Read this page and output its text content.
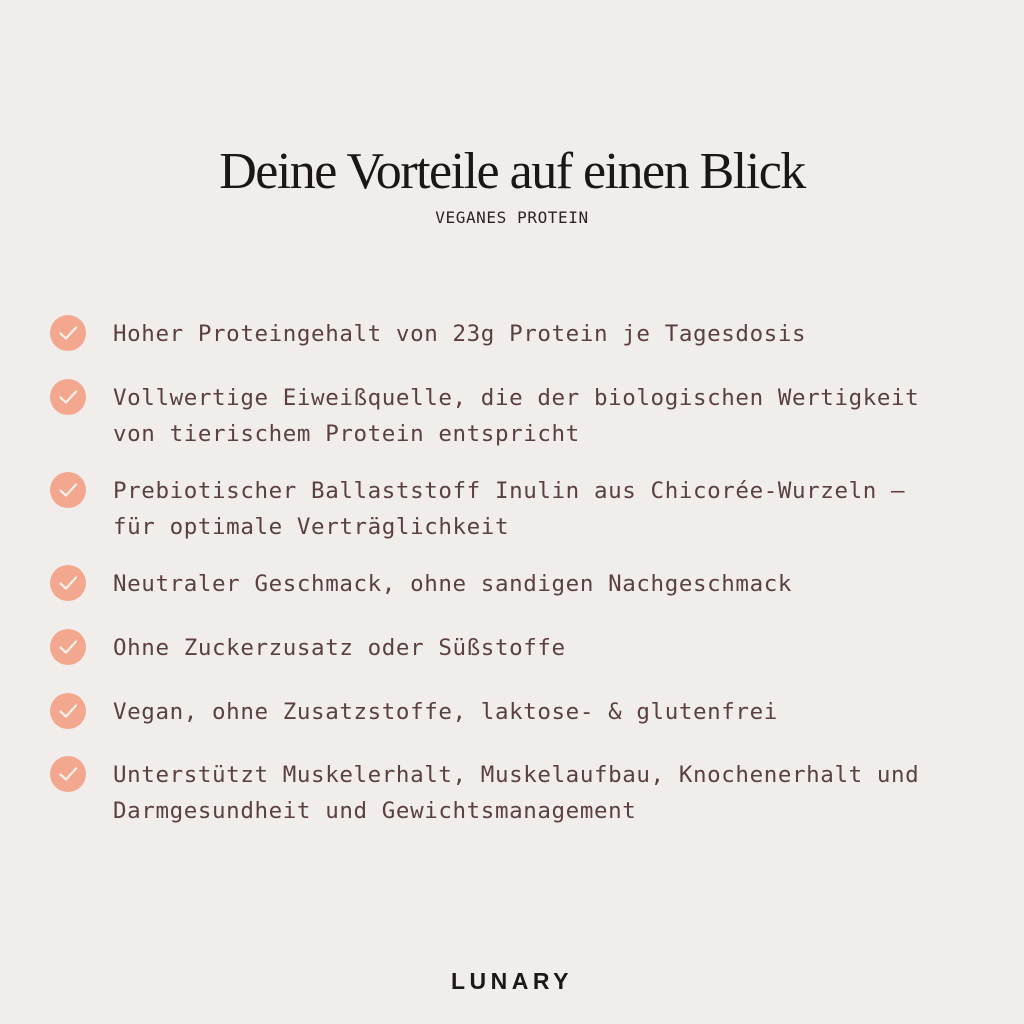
Deine Vorteile auf einen Blick
VEGANES PROTEIN
Hoher Proteingehalt von 23g Protein je Tagesdosis
Vollwertige Eiweißquelle, die der biologischen Wertigkeit
von tierischem Protein entspricht
Prebiotischer Ballaststoff Inulin aus Chicorée-Wurzeln –
für optimale Verträglichkeit
Neutraler Geschmack, ohne sandigen Nachgeschmack
Ohne Zuckerzusatz oder Süßstoffe
Vegan, ohne Zusatzstoffe, laktose- & glutenfrei
Unterstützt Muskelerhalt, Muskelaufbau, Knochenerhalt und
Darmgesundheit und Gewichtsmanagement
LUNARY
